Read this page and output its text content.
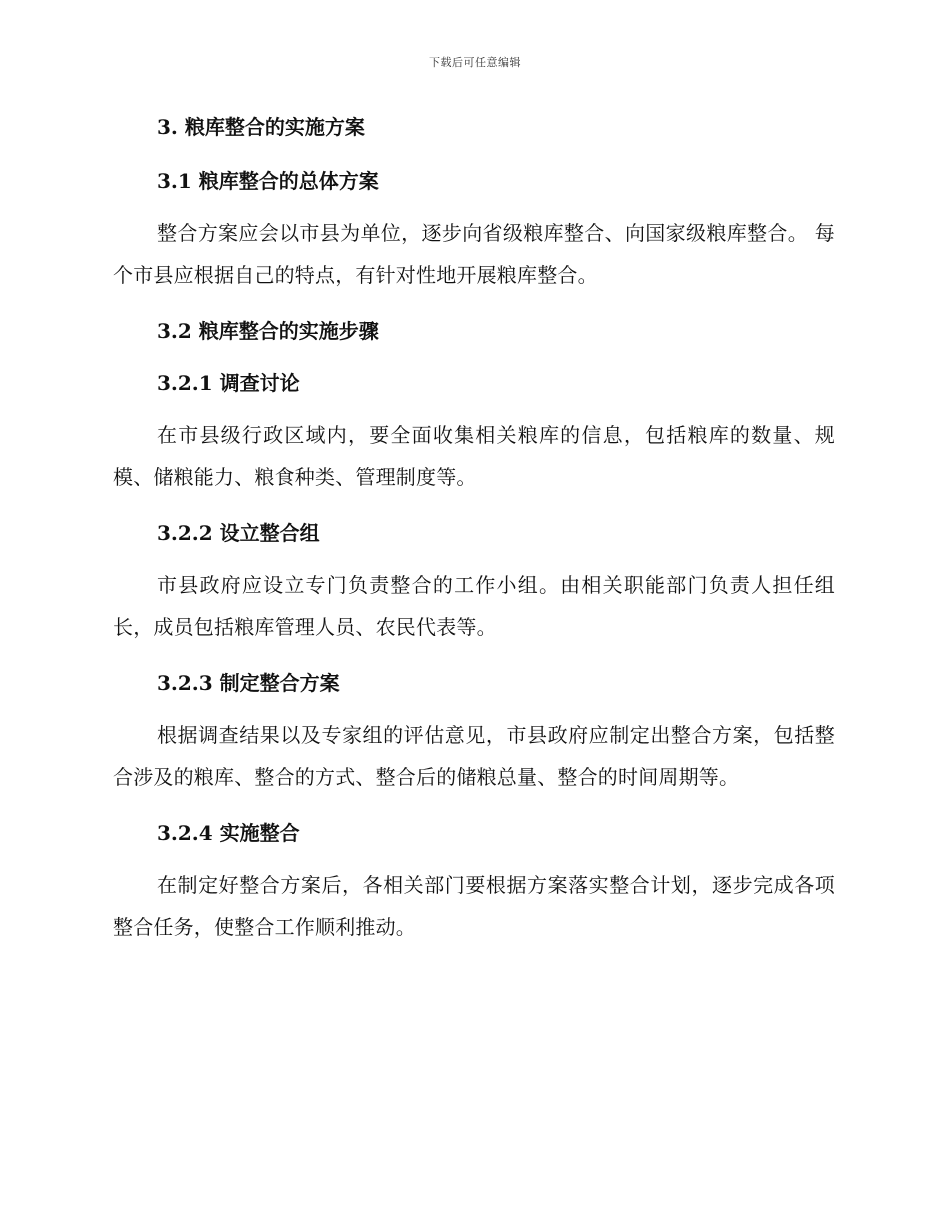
下载后可任意编辑
3. 粮库整合的实施方案
3.1 粮库整合的总体方案

整合方案应会以市县为单位，逐步向省级粮库整合、向国家级粮库整合。 每个市县应根据自己的特点，有针对性地开展粮库整合。

3.2 粮库整合的实施步骤
3.2.1 调查讨论

在市县级行政区域内，要全面收集相关粮库的信息，包括粮库的数量、规模、储粮能力、粮食种类、管理制度等。

3.2.2 设立整合组

市县政府应设立专门负责整合的工作小组。由相关职能部门负责人担任组长，成员包括粮库管理人员、农民代表等。

3.2.3 制定整合方案

根据调查结果以及专家组的评估意见，市县政府应制定出整合方案，包括整合涉及的粮库、整合的方式、整合后的储粮总量、整合的时间周期等。

3.2.4 实施整合

在制定好整合方案后，各相关部门要根据方案落实整合计划，逐步完成各项整合任务，使整合工作顺利推动。
